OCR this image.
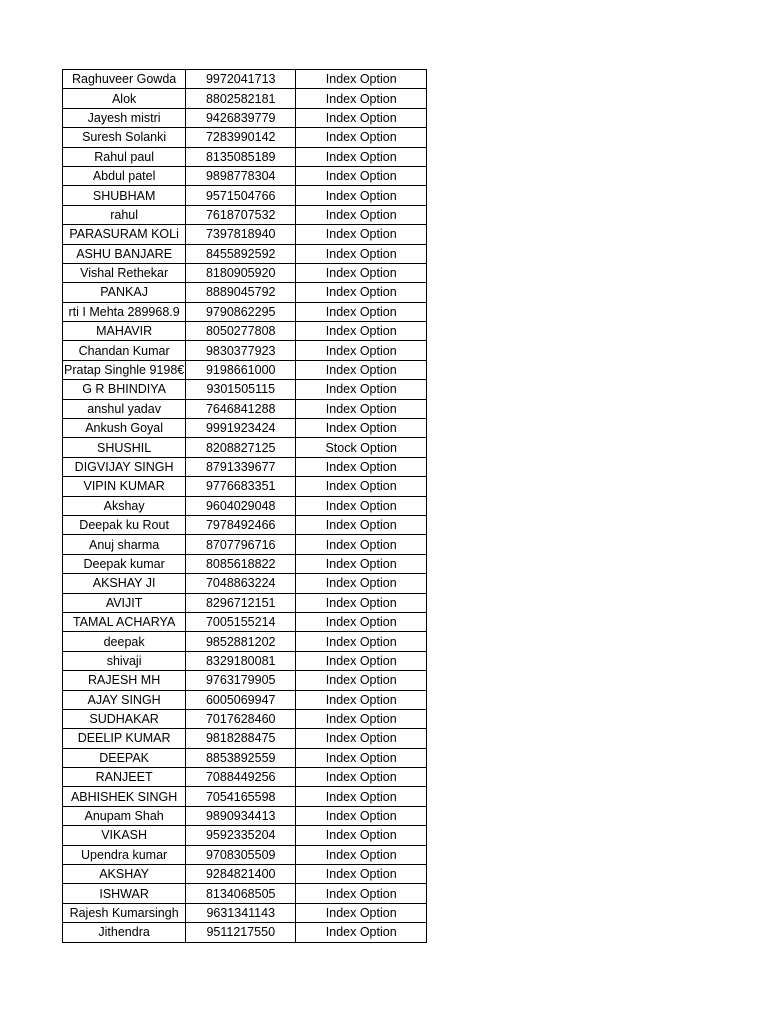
Raghuveer Gowda	9972041713	Index Option
Alok	8802582181	Index Option
Jayesh mistri	9426839779	Index Option
Suresh Solanki	7283990142	Index Option
Rahul paul	8135085189	Index Option
Abdul patel	9898778304	Index Option
SHUBHAM	9571504766	Index Option
rahul	7618707532	Index Option
PARASURAM KOLi	7397818940	Index Option
ASHU BANJARE	8455892592	Index Option
Vishal Rethekar	8180905920	Index Option
PANKAJ	8889045792	Index Option
rti I Mehta 289968.9	9790862295	Index Option
MAHAVIR	8050277808	Index Option
Chandan Kumar	9830377923	Index Option
Pratap Singhle 9198€	9198661000	Index Option
G R BHINDIYA	9301505115	Index Option
anshul yadav	7646841288	Index Option
Ankush Goyal	9991923424	Index Option
SHUSHIL	8208827125	Stock Option
DIGVIJAY SINGH	8791339677	Index Option
VIPIN KUMAR	9776683351	Index Option
Akshay	9604029048	Index Option
Deepak ku Rout	7978492466	Index Option
Anuj sharma	8707796716	Index Option
Deepak kumar	8085618822	Index Option
AKSHAY JI	7048863224	Index Option
AVIJIT	8296712151	Index Option
TAMAL ACHARYA	7005155214	Index Option
deepak	9852881202	Index Option
shivaji	8329180081	Index Option
RAJESH MH	9763179905	Index Option
AJAY SINGH	6005069947	Index Option
SUDHAKAR	7017628460	Index Option
DEELIP KUMAR	9818288475	Index Option
DEEPAK	8853892559	Index Option
RANJEET	7088449256	Index Option
ABHISHEK SINGH	7054165598	Index Option
Anupam Shah	9890934413	Index Option
VIKASH	9592335204	Index Option
Upendra kumar	9708305509	Index Option
AKSHAY	9284821400	Index Option
ISHWAR	8134068505	Index Option
Rajesh Kumarsingh	9631341143	Index Option
Jithendra	9511217550	Index Option
